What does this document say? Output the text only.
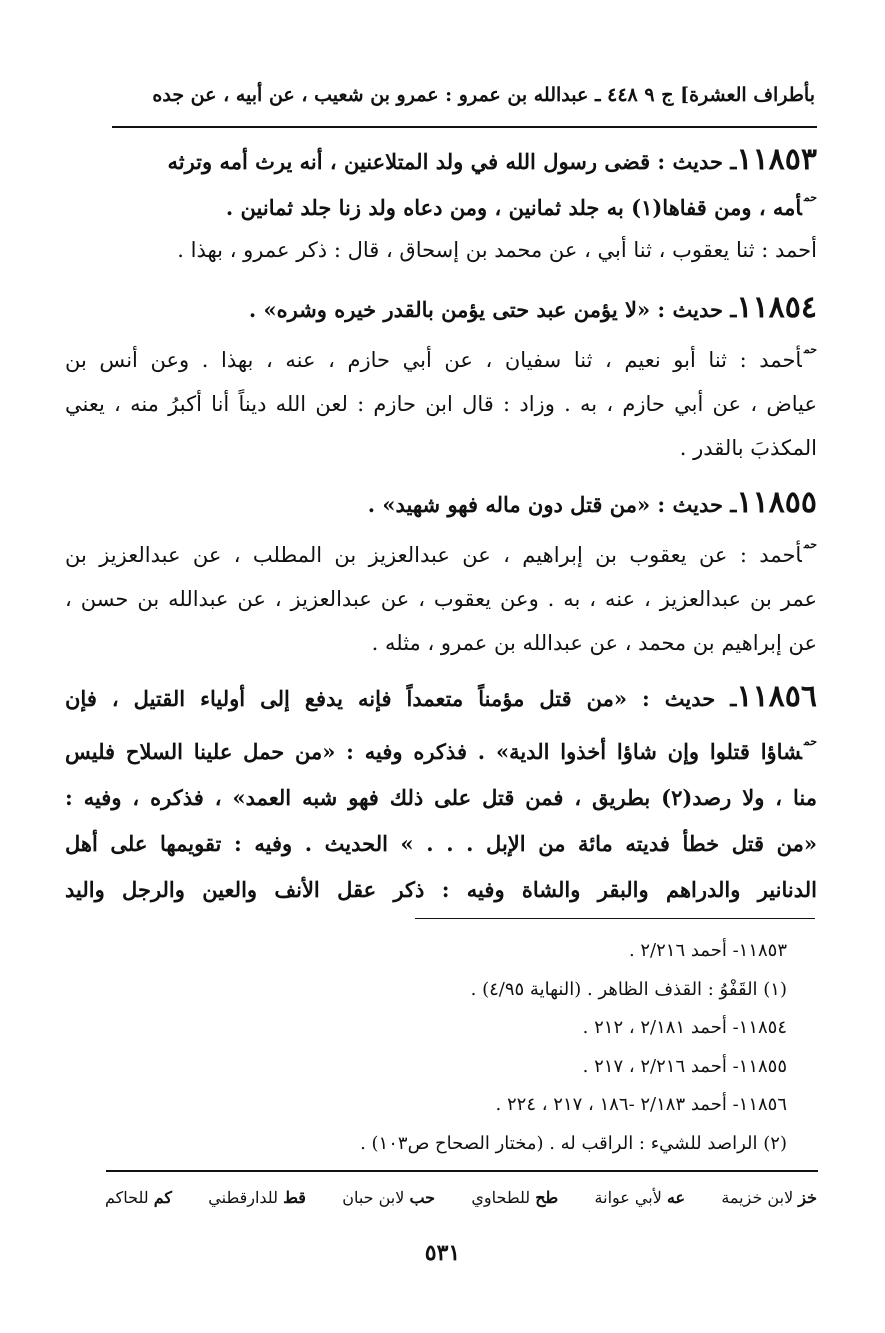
بأطراف العشرة] ج ٩ ٤٤٨ ـ عبدالله بن عمرو : عمرو بن شعيب ، عن أبيه ، عن جده
١١٨٥٣ـ حديث : قضى رسول الله في ولد المتلاعنين ، أنه يرث أمه وترثه
$^{حم}$أمه ، ومن قفاها(١) به جلد ثمانين ، ومن دعاه ولد زنا جلد ثمانين .
أحمد : ثنا يعقوب ، ثنا أبي ، عن محمد بن إسحاق ، قال : ذكر عمرو ، بهذا .
١١٨٥٤ـ حديث : «لا يؤمن عبد حتى يؤمن بالقدر خيره وشره» .
$^{حم}$أحمد : ثنا أبو نعيم ، ثنا سفيان ، عن أبي حازم ، عنه ، بهذا . وعن أنس بن
عياض ، عن أبي حازم ، به . وزاد : قال ابن حازم : لعن الله ديناً أنا أكبرُ منه ، يعني
المكذبَ بالقدر .
١١٨٥٥ـ حديث : «من قتل دون ماله فهو شهيد» .
$^{حم}$أحمد : عن يعقوب بن إبراهيم ، عن عبدالعزيز بن المطلب ، عن عبدالعزيز بن
عمر بن عبدالعزيز ، عنه ، به . وعن يعقوب ، عن عبدالعزيز ، عن عبدالله بن حسن ،
عن إبراهيم بن محمد ، عن عبدالله بن عمرو ، مثله .
١١٨٥٦ـ حديث : «من قتل مؤمناً متعمداً فإنه يدفع إلى أولياء القتيل ، فإن
$^{حم}$شاؤا قتلوا وإن شاؤا أخذوا الدية» . فذكره وفيه : «من حمل علينا السلاح فليس
منا ، ولا رصد(٢) بطريق ، فمن قتل على ذلك فهو شبه العمد» ، فذكره ، وفيه :
«من قتل خطأ فديته مائة من الإبل . . . » الحديث . وفيه : تقويمها على أهل
الدنانير والدراهم والبقر والشاة وفيه : ذكر عقل الأنف والعين والرجل واليد
١١٨٥٣- أحمد ٢/٢١٦ .
(١) القَفْوُ : القذف الظاهر . (النهاية ٤/٩٥) .
١١٨٥٤- أحمد ٢/١٨١ ، ٢١٢ .
١١٨٥٥- أحمد ٢/٢١٦ ، ٢١٧ .
١١٨٥٦- أحمد ٢/١٨٣ -١٨٦ ، ٢١٧ ، ٢٢٤ .
(٢) الراصد للشيء : الراقب له . (مختار الصحاح ص١٠٣) .
خز لابن خزيمة
عه لأبي عوانة
طح للطحاوي
حب لابن حبان
قط للدارقطني
كم للحاكم
٥٣١
